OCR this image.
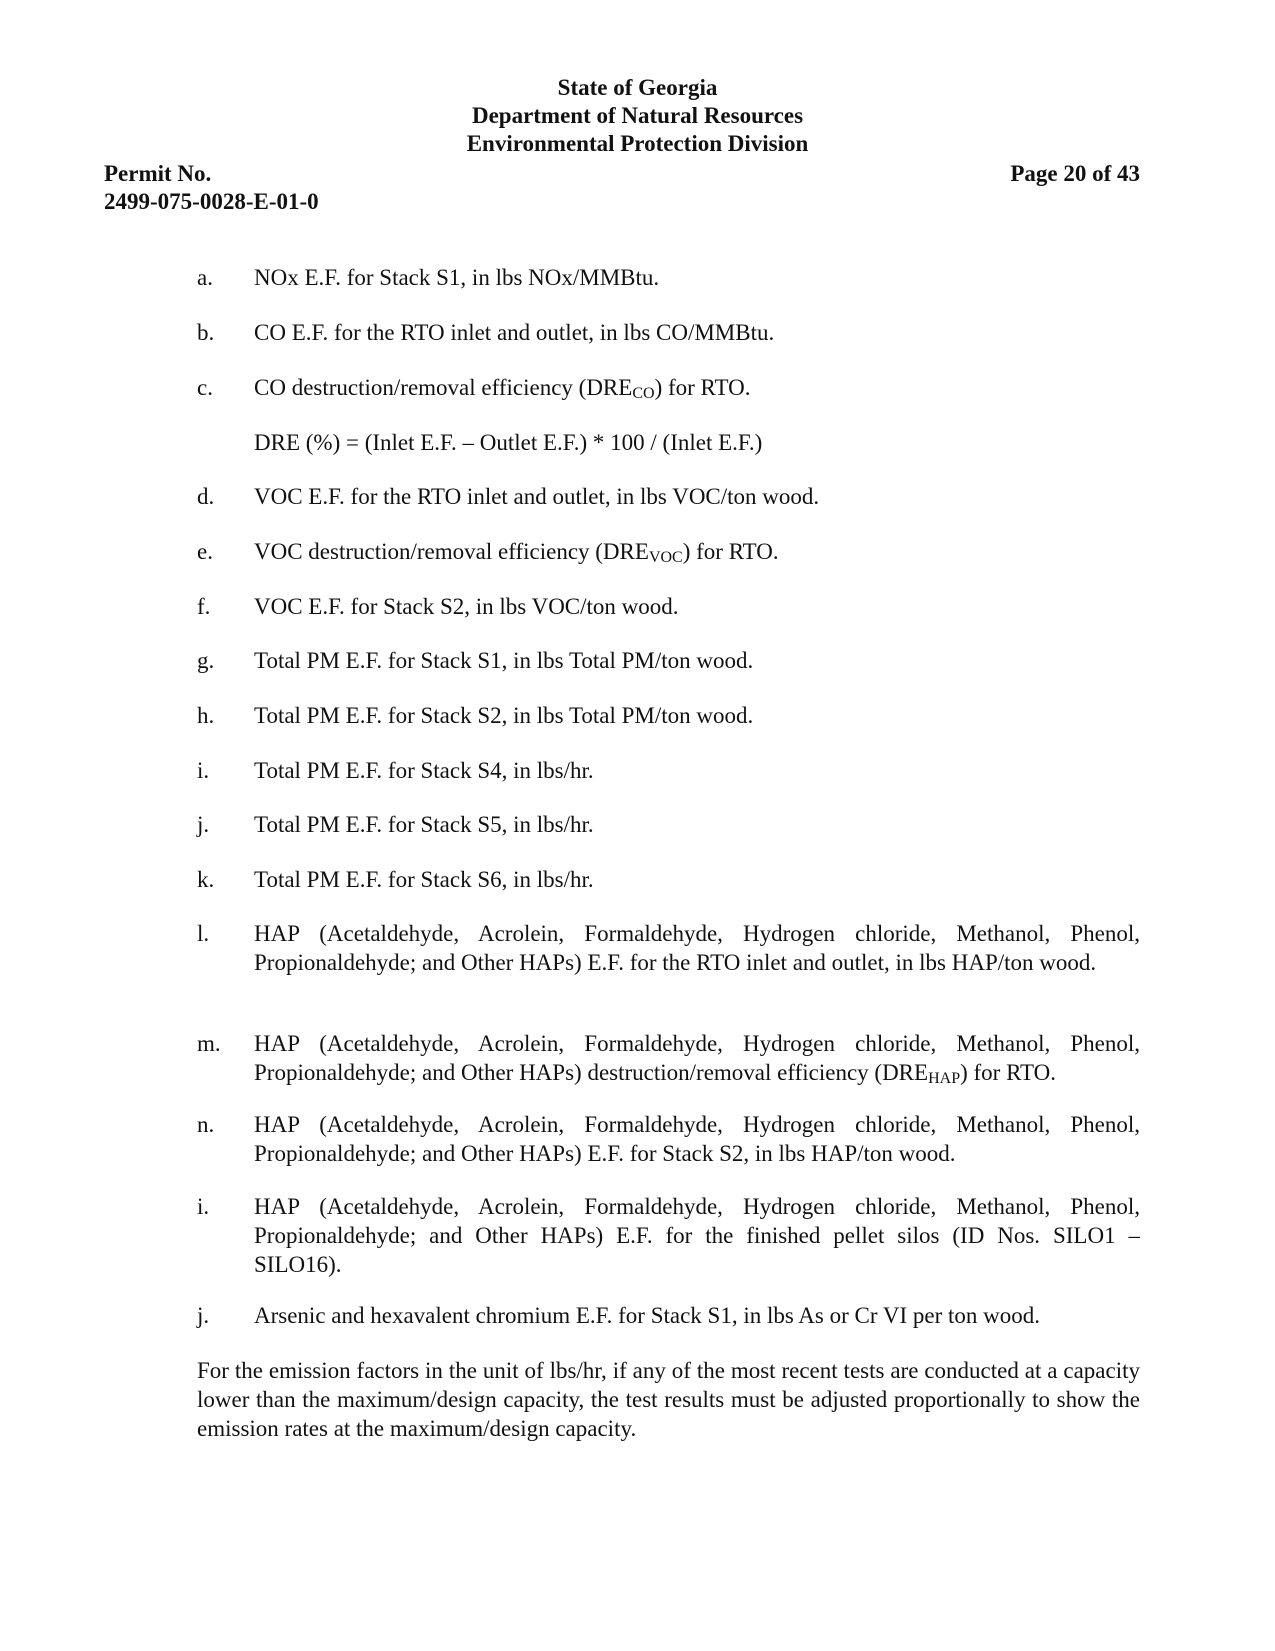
State of Georgia
Department of Natural Resources
Environmental Protection Division
Permit No.
2499-075-0028-E-01-0
Page 20 of 43
a.	NOx E.F. for Stack S1, in lbs NOx/MMBtu.
b.	CO E.F. for the RTO inlet and outlet, in lbs CO/MMBtu.
c.	CO destruction/removal efficiency $(DRE_{CO})$ for RTO.
DRE (%) = (Inlet E.F. – Outlet E.F.) * 100 / (Inlet E.F.)
d.	VOC E.F. for the RTO inlet and outlet, in lbs VOC/ton wood.
e.	VOC destruction/removal efficiency $(DRE_{VOC})$ for RTO.
f.	VOC E.F. for Stack S2, in lbs VOC/ton wood.
g.	Total PM E.F. for Stack S1, in lbs Total PM/ton wood.
h.	Total PM E.F. for Stack S2, in lbs Total PM/ton wood.
i.	Total PM E.F. for Stack S4, in lbs/hr.
j.	Total PM E.F. for Stack S5, in lbs/hr.
k.	Total PM E.F. for Stack S6, in lbs/hr.
l.	HAP (Acetaldehyde, Acrolein, Formaldehyde, Hydrogen chloride, Methanol, Phenol, Propionaldehyde; and Other HAPs) E.F. for the RTO inlet and outlet, in lbs HAP/ton wood.
m.	HAP (Acetaldehyde, Acrolein, Formaldehyde, Hydrogen chloride, Methanol, Phenol, Propionaldehyde; and Other HAPs) destruction/removal efficiency $(DRE_{HAP})$ for RTO.
n.	HAP (Acetaldehyde, Acrolein, Formaldehyde, Hydrogen chloride, Methanol, Phenol, Propionaldehyde; and Other HAPs) E.F. for Stack S2, in lbs HAP/ton wood.
i.	HAP (Acetaldehyde, Acrolein, Formaldehyde, Hydrogen chloride, Methanol, Phenol, Propionaldehyde; and Other HAPs) E.F. for the finished pellet silos (ID Nos. SILO1 – SILO16).
j.	Arsenic and hexavalent chromium E.F. for Stack S1, in lbs As or Cr VI per ton wood.
For the emission factors in the unit of lbs/hr, if any of the most recent tests are conducted at a capacity lower than the maximum/design capacity, the test results must be adjusted proportionally to show the emission rates at the maximum/design capacity.
